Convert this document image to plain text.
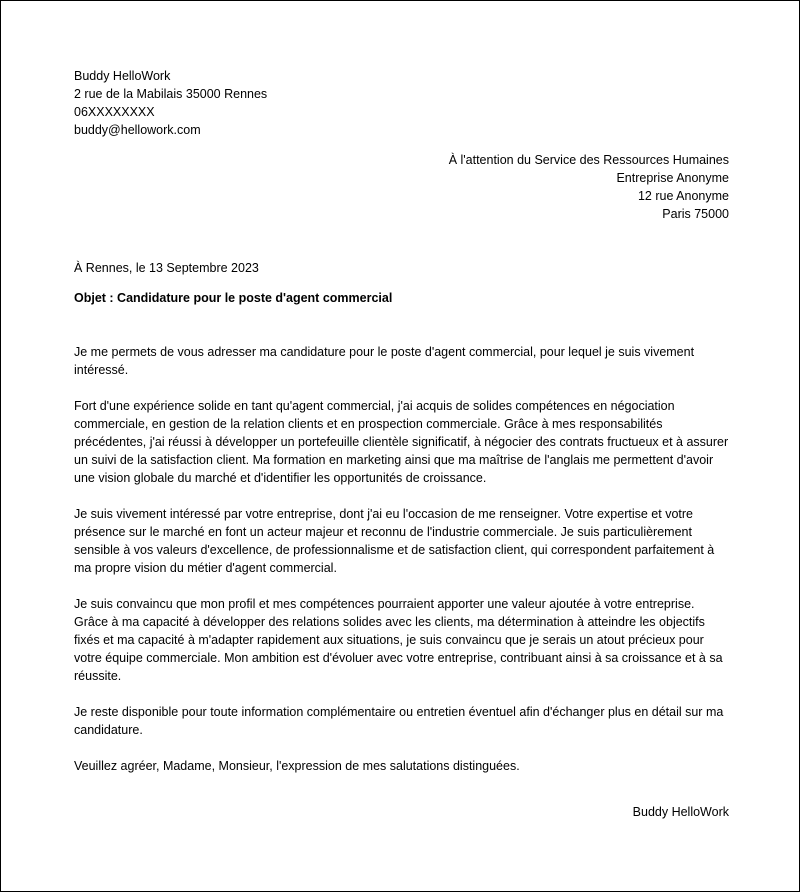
Buddy HelloWork

2 rue de la Mabilais 35000 Rennes

06XXXXXXXX

buddy@hellowork.com

À l'attention du Service des Ressources Humaines

Entreprise Anonyme

12 rue Anonyme

Paris 75000

À Rennes, le 13 Septembre 2023
Objet : Candidature pour le poste d'agent commercial

Je me permets de vous adresser ma candidature pour le poste d'agent commercial, pour lequel je suis vivement intéressé.

Fort d'une expérience solide en tant qu'agent commercial, j'ai acquis de solides compétences en négociation commerciale, en gestion de la relation clients et en prospection commerciale. Grâce à mes responsabilités précédentes, j'ai réussi à développer un portefeuille clientèle significatif, à négocier des contrats fructueux et à assurer un suivi de la satisfaction client. Ma formation en marketing ainsi que ma maîtrise de l'anglais me permettent d'avoir une vision globale du marché et d'identifier les opportunités de croissance.

Je suis vivement intéressé par votre entreprise, dont j'ai eu l'occasion de me renseigner. Votre expertise et votre présence sur le marché en font un acteur majeur et reconnu de l'industrie commerciale. Je suis particulièrement sensible à vos valeurs d'excellence, de professionnalisme et de satisfaction client, qui correspondent parfaitement à ma propre vision du métier d'agent commercial.

Je suis convaincu que mon profil et mes compétences pourraient apporter une valeur ajoutée à votre entreprise. Grâce à ma capacité à développer des relations solides avec les clients, ma détermination à atteindre les objectifs fixés et ma capacité à m'adapter rapidement aux situations, je suis convaincu que je serais un atout précieux pour votre équipe commerciale. Mon ambition est d'évoluer avec votre entreprise, contribuant ainsi à sa croissance et à sa réussite.

Je reste disponible pour toute information complémentaire ou entretien éventuel afin d'échanger plus en détail sur ma candidature.

Veuillez agréer, Madame, Monsieur, l'expression de mes salutations distinguées.

Buddy HelloWork
